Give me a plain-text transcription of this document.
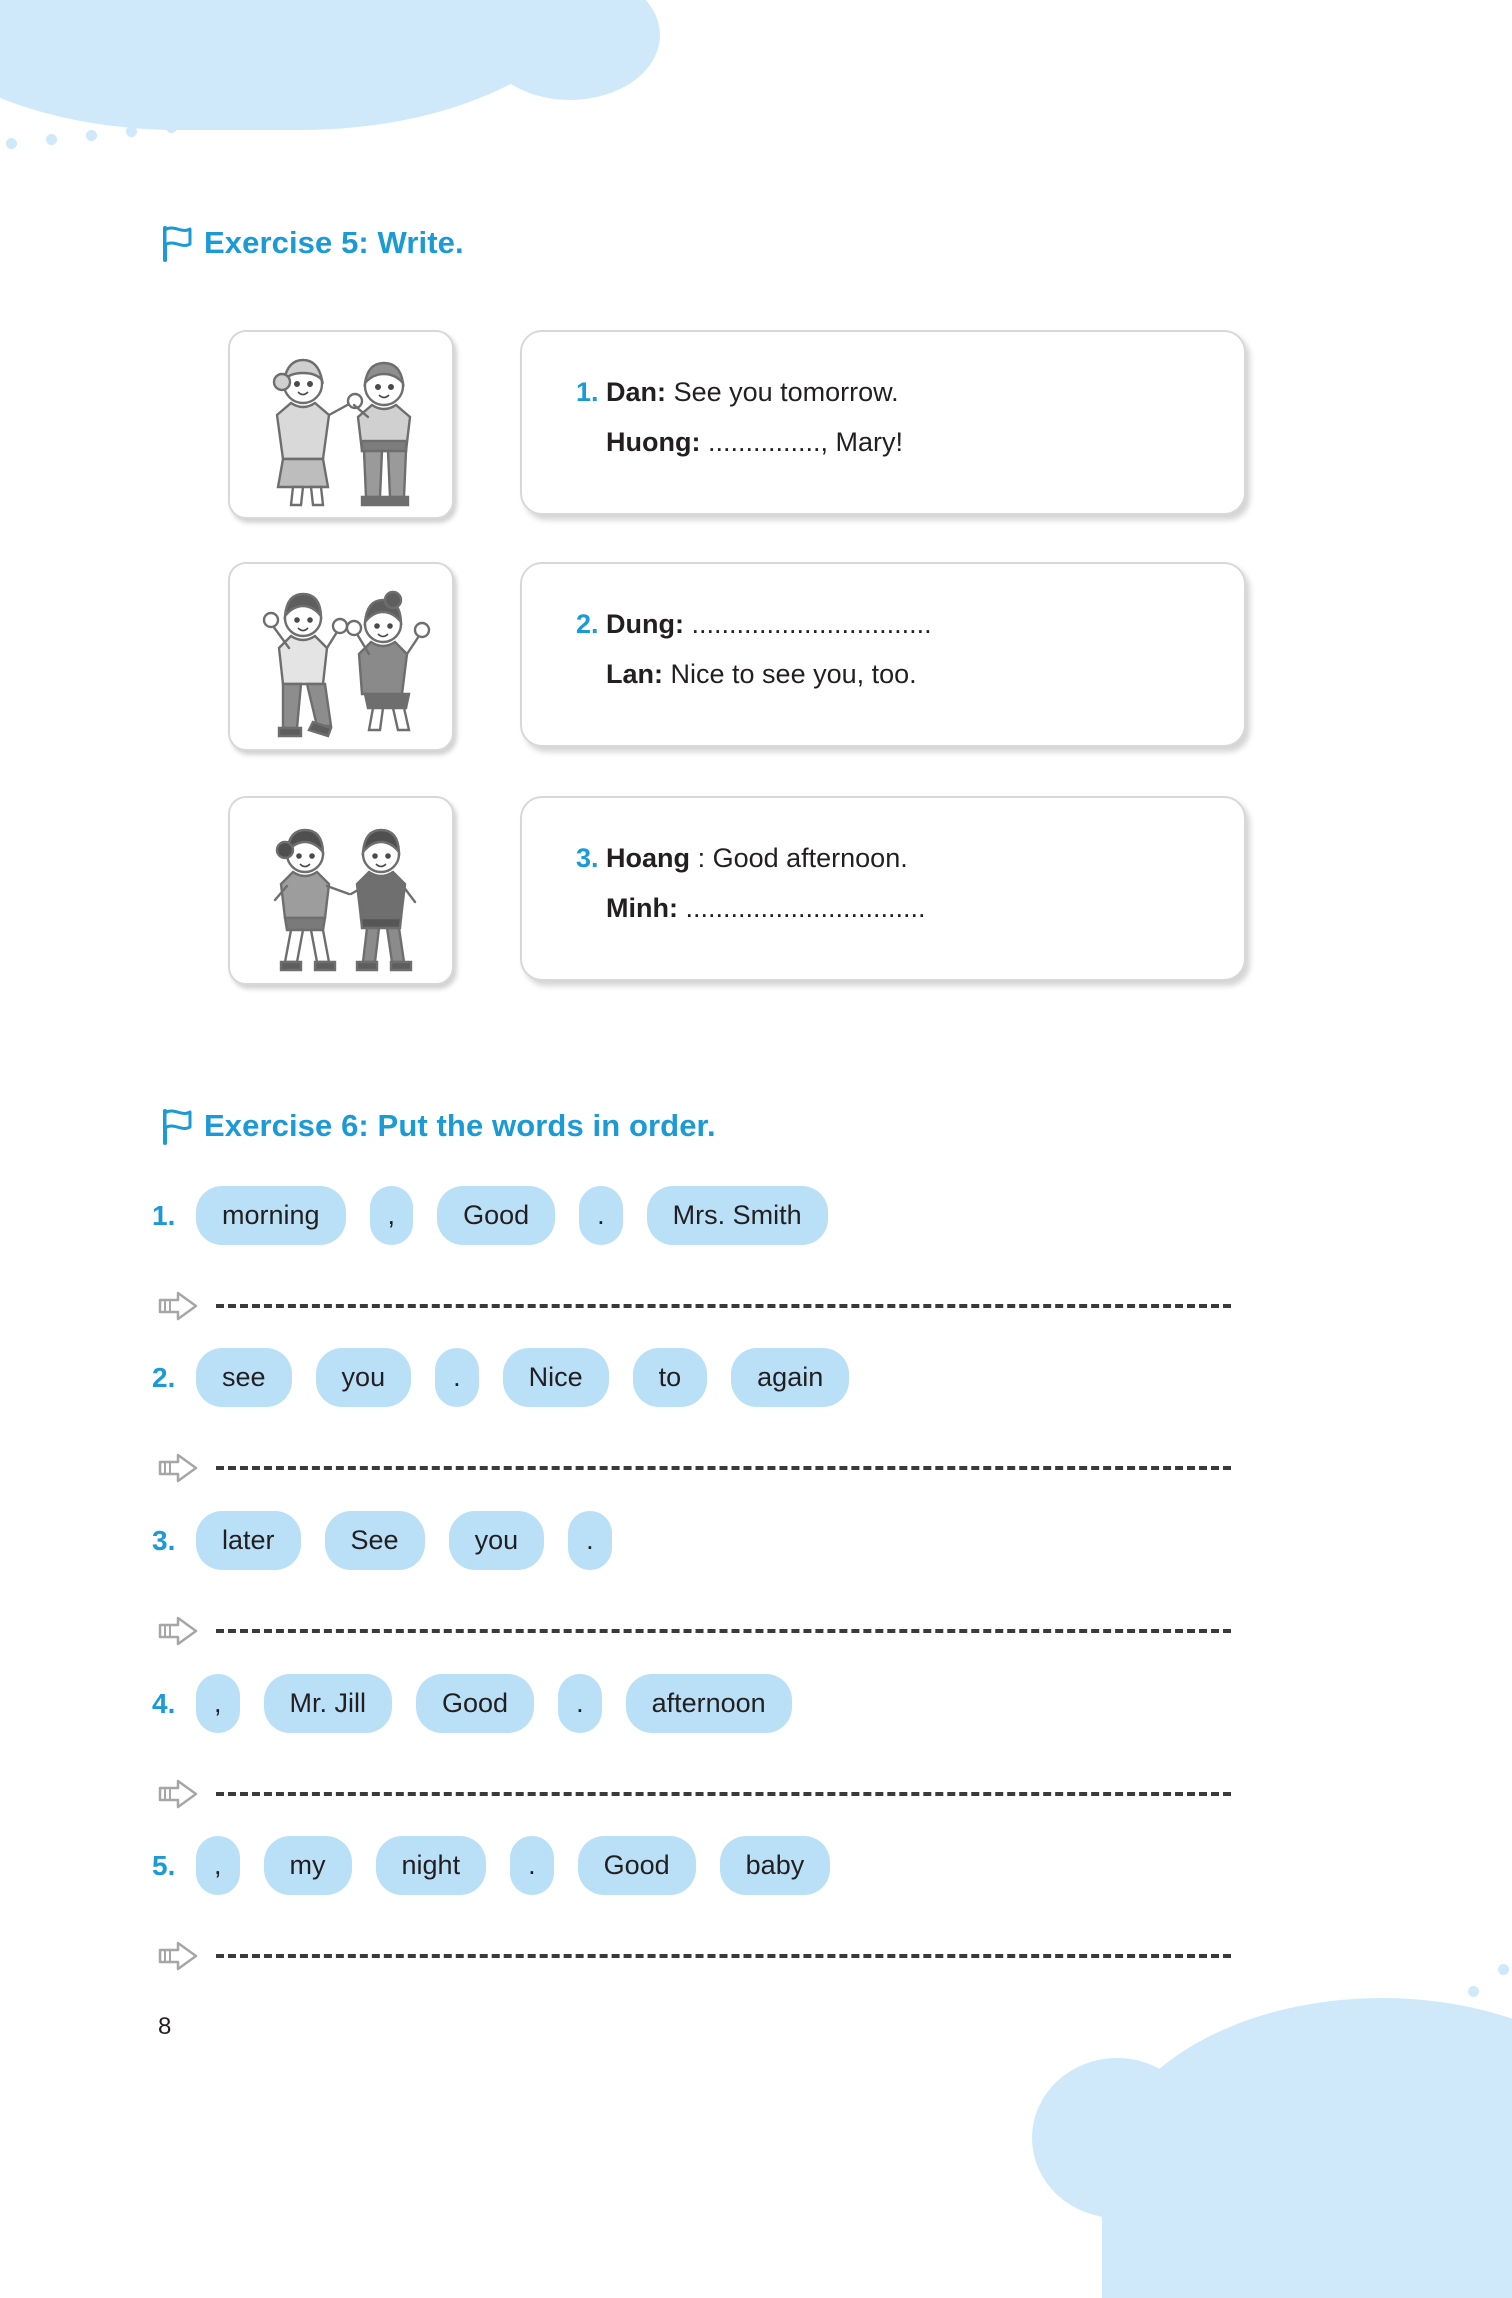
Exercise 5: Write.
1. Dan: See you tomorrow.
Huong: ..............., Mary!
2. Dung: ................................
Lan: Nice to see you, too.
3. Hoang : Good afternoon.
Minh: ................................
Exercise 6: Put the words in order.
1.	morning	,	Good	.	Mrs. Smith
2.	see	you	.	Nice	to	again
3.	later	See	you	.
4.	,	Mr. Jill	Good	.	afternoon
5.	,	my	night	.	Good	baby
8
